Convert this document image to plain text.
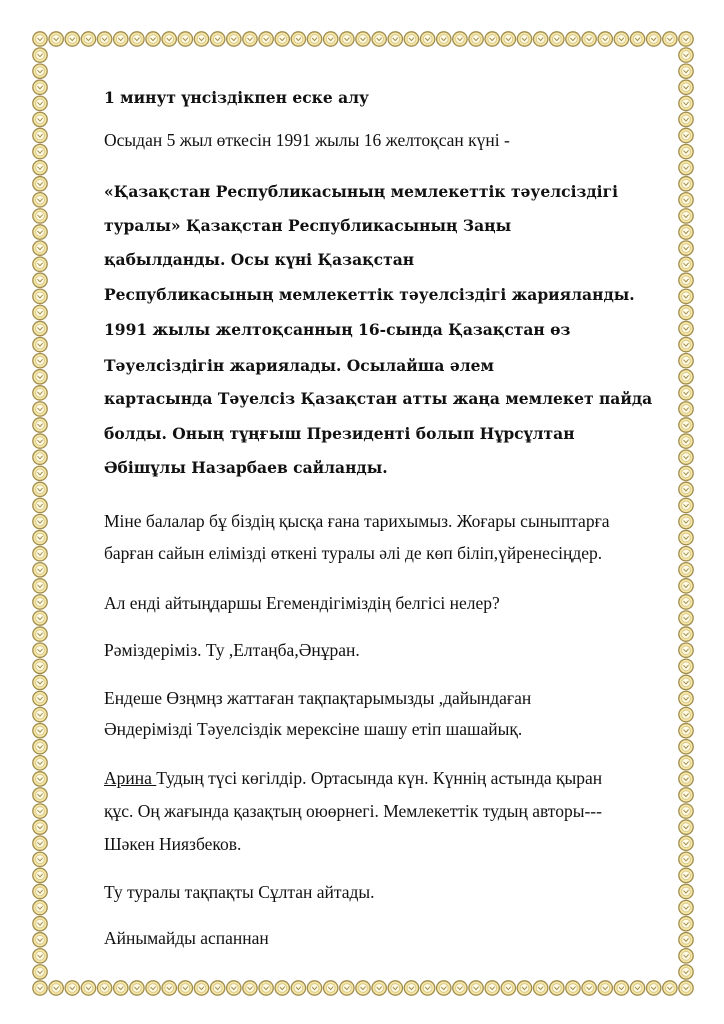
1 минут үнсіздікпен еске алу
Осыдан 5 жыл өткесін 1991 жылы 16 желтоқсан күні -
«Қазақстан Республикасының мемлекеттік тәуелсіздігі
туралы» Қазақстан Республикасының Заңы
қабылданды. Осы күні Қазақстан
Республикасының мемлекеттік тәуелсіздігі жарияланды.
1991 жылы желтоқсанның 16-сында Қазақстан өз
Тәуелсіздігін жариялады. Осылайша әлем
картасында Тәуелсіз Қазақстан атты жаңа мемлекет пайда
болды. Оның тұңғыш Президенті болып Нұрсұлтан
Әбішұлы Назарбаев сайланды.
Міне балалар бұ біздің қысқа ғана тарихымыз. Жоғары сыныптарға
барған сайын елімізді өткені туралы әлі де көп біліп,үйренесіңдер.
Ал енді айтыңдаршы Егемендігіміздің белгісі нелер?
Рәміздеріміз. Ту ,Елтаңба,Әнұран.
Ендеше Өзңмңз жаттаған тақпақтарымызды ,дайындаған
Әндерімізді Тәуелсіздік мерексіне шашу етіп шашайық.
Арина Тудың түсі көгілдір. Ортасында күн. Күннің астында қыран
құс. Оң жағында қазақтың оюөрнегі. Мемлекеттік тудың авторы---
Шәкен Ниязбеков.
Ту туралы тақпақты Сұлтан айтады.
Айнымайды аспаннан
